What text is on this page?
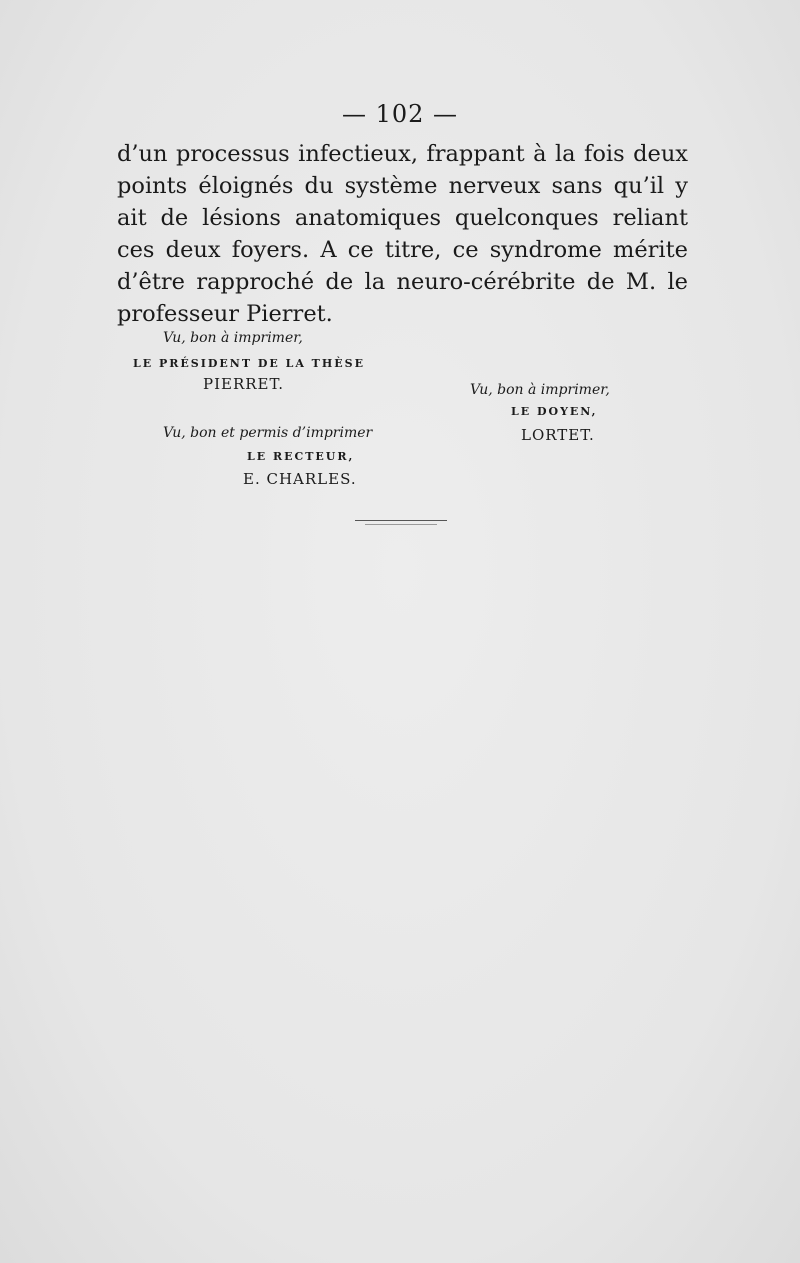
— 102 —
d’un processus infectieux, frappant à la fois deux points éloignés du système nerveux sans qu’il y ait de lésions anatomiques quelconques reliant ces deux foyers. A ce titre, ce syndrome mérite d’être rapproché de la neuro-cérébrite de M. le professeur Pierret.
Vu, bon à imprimer,
LE PRÉSIDENT DE LA THÈSE
PIERRET.	Vu, bon à imprimer,
LE DOYEN,
LORTET.
Vu, bon et permis d’imprimer
LE RECTEUR,
E. CHARLES.
